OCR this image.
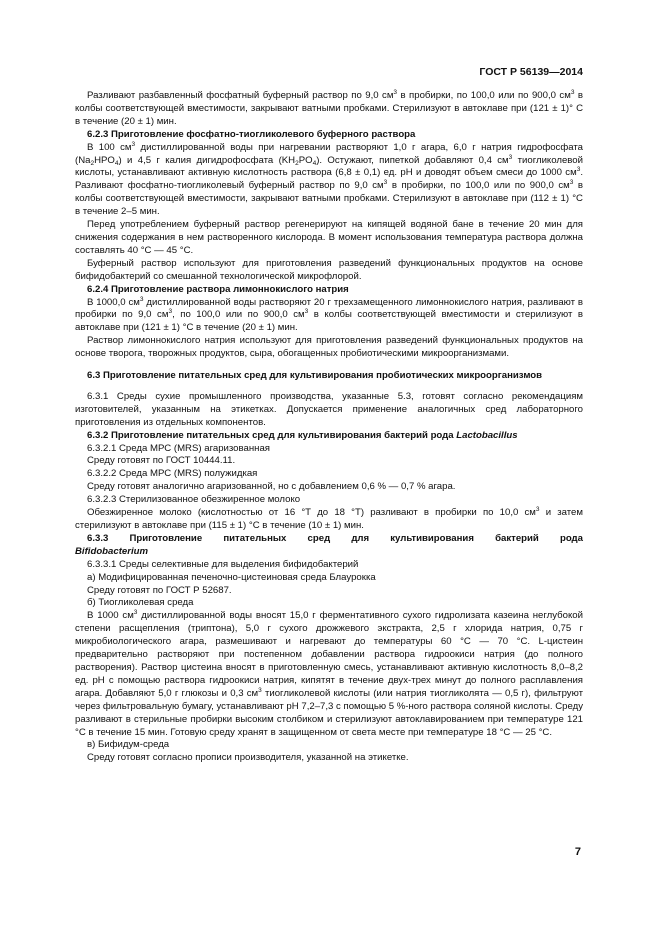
ГОСТ Р 56139—2014

Разливают разбавленный фосфатный буферный раствор по 9,0 $см^3$ в пробирки, по 100,0 или по 900,0 $см^3$ в колбы соответствующей вместимости, закрывают ватными пробками. Стерилизуют в автоклаве при (121 ± 1)° С в течение (20 ± 1) мин.

6.2.3 Приготовление фосфатно-тиогликолевого буферного раствора

В 100 $см^3$ дистиллированной воды при нагревании растворяют 1,0 г агара, 6,0 г натрия гидрофосфата $(Na_2HPO_4)$ и 4,5 г калия дигидрофосфата $(KH_2PO_4)$. Остужают, пипеткой добавляют 0,4 $см^3$ тиогликолевой кислоты, устанавливают активную кислотность раствора (6,8 ± 0,1) ед. pH и доводят объем смеси до 1000 $см^3$. Разливают фосфатно-тиогликолевый буферный раствор по 9,0 $см^3$ в пробирки, по 100,0 или по 900,0 $см^3$ в колбы соответствующей вместимости, закрывают ватными пробками. Стерилизуют в автоклаве при (112 ± 1) °С в течение 2–5 мин.

Перед употреблением буферный раствор регенерируют на кипящей водяной бане в течение 20 мин для снижения содержания в нем растворенного кислорода. В момент использования температура раствора должна составлять 40 °С — 45 °С.

Буферный раствор используют для приготовления разведений функциональных продуктов на основе бифидобактерий со смешанной технологической микрофлорой.

6.2.4 Приготовление раствора лимоннокислого натрия

В 1000,0 $см^3$ дистиллированной воды растворяют 20 г трехзамещенного лимоннокислого натрия, разливают в пробирки по 9,0 $см^3$, по 100,0 или по 900,0 $см^3$ в колбы соответствующей вместимости и стерилизуют в автоклаве при (121 ± 1) °С в течение (20 ± 1) мин.

Раствор лимоннокислого натрия используют для приготовления разведений функциональных продуктов на основе творога, творожных продуктов, сыра, обогащенных пробиотическими микроорганизмами.

6.3 Приготовление питательных сред для культивирования пробиотических микроорганизмов

6.3.1 Среды сухие промышленного производства, указанные 5.3, готовят согласно рекомендациям изготовителей, указанным на этикетках. Допускается применение аналогичных сред лабораторного приготовления из отдельных компонентов.

6.3.2 Приготовление питательных сред для культивирования бактерий рода Lactobacillus

6.3.2.1 Среда МРС (MRS) агаризованная

Среду готовят по ГОСТ 10444.11.

6.3.2.2 Среда МРС (MRS) полужидкая

Среду готовят аналогично агаризованной, но с добавлением 0,6 % — 0,7 % агара.

6.3.2.3 Стерилизованное обезжиренное молоко

Обезжиренное молоко (кислотностью от 16 °Т до 18 °Т) разливают в пробирки по 10,0 $см^3$ и затем стерилизуют в автоклаве при (115 ± 1) °С в течение (10 ± 1) мин.

6.3.3 Приготовление питательных сред для культивирования бактерий рода

Bifidobacterium

6.3.3.1 Среды селективные для выделения бифидобактерий

а) Модифицированная печеночно-цистеиновая среда Блаурокка

Среду готовят по ГОСТ Р 52687.

б) Тиогликолевая среда

В 1000 $см^3$ дистиллированной воды вносят 15,0 г ферментативного сухого гидролизата казеина неглубокой степени расщепления (триптона), 5,0 г сухого дрожжевого экстракта, 2,5 г хлорида натрия, 0,75 г микробиологического агара, размешивают и нагревают до температуры 60 °С — 70 °С. L-цистеин предварительно растворяют при постепенном добавлении раствора гидроокиси натрия (до полного растворения). Раствор цистеина вносят в приготовленную смесь, устанавливают активную кислотность 8,0–8,2 ед. pH с помощью раствора гидроокиси натрия, кипятят в течение двух-трех минут до полного расплавления агара. Добавляют 5,0 г глюкозы и 0,3 $см^3$ тиогликолевой кислоты (или натрия тиогликолята — 0,5 г), фильтруют через фильтровальную бумагу, устанавливают pH 7,2–7,3 с помощью 5 %-ного раствора соляной кислоты. Среду разливают в стерильные пробирки высоким столбиком и стерилизуют автоклавированием при температуре 121 °С в течение 15 мин. Готовую среду хранят в защищенном от света месте при температуре 18 °С — 25 °С.

в) Бифидум-среда

Среду готовят согласно прописи производителя, указанной на этикетке.

7
